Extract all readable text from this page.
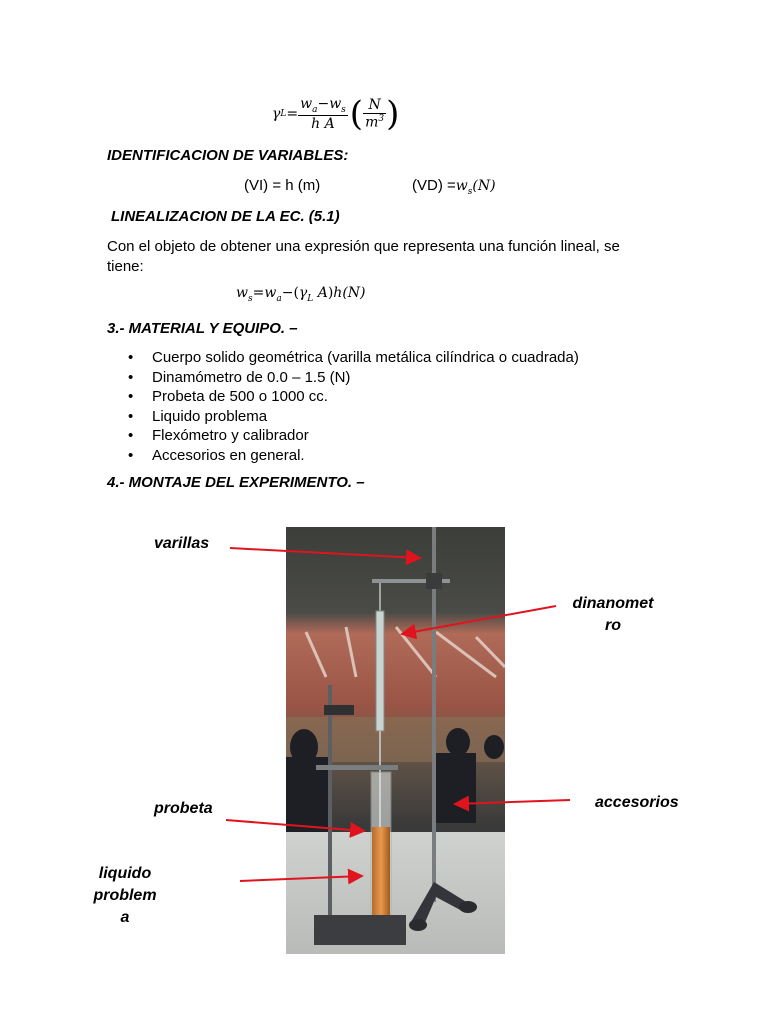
γ $L = \frac{w_a-w_s}{\text{h A}}$ ( $\frac{N}{m^3}$ )
IDENTIFICACION DE VARIABLES:
(VI) = h (m)	$(VD) =w_s(N)$
LINEALIZACION DE LA EC. (5.1)
Con el objeto de obtener una expresión que representa una función lineal, se tiene:
$w_s=w_a-(\gamma_L$ A)h(N)
3.- MATERIAL Y EQUIPO. –
• Cuerpo solido geométrica (varilla metálica cilíndrica o cuadrada)
• Dinamómetro de 0.0 – 1.5 (N)
• Probeta de 500 o 1000 cc.
• Liquido problema
• Flexómetro y calibrador
• Accesorios en general.
4.- MONTAJE DEL EXPERIMENTO. –
varillas
dinanomet
ro
probeta	accesorios
liquido
problem
a
